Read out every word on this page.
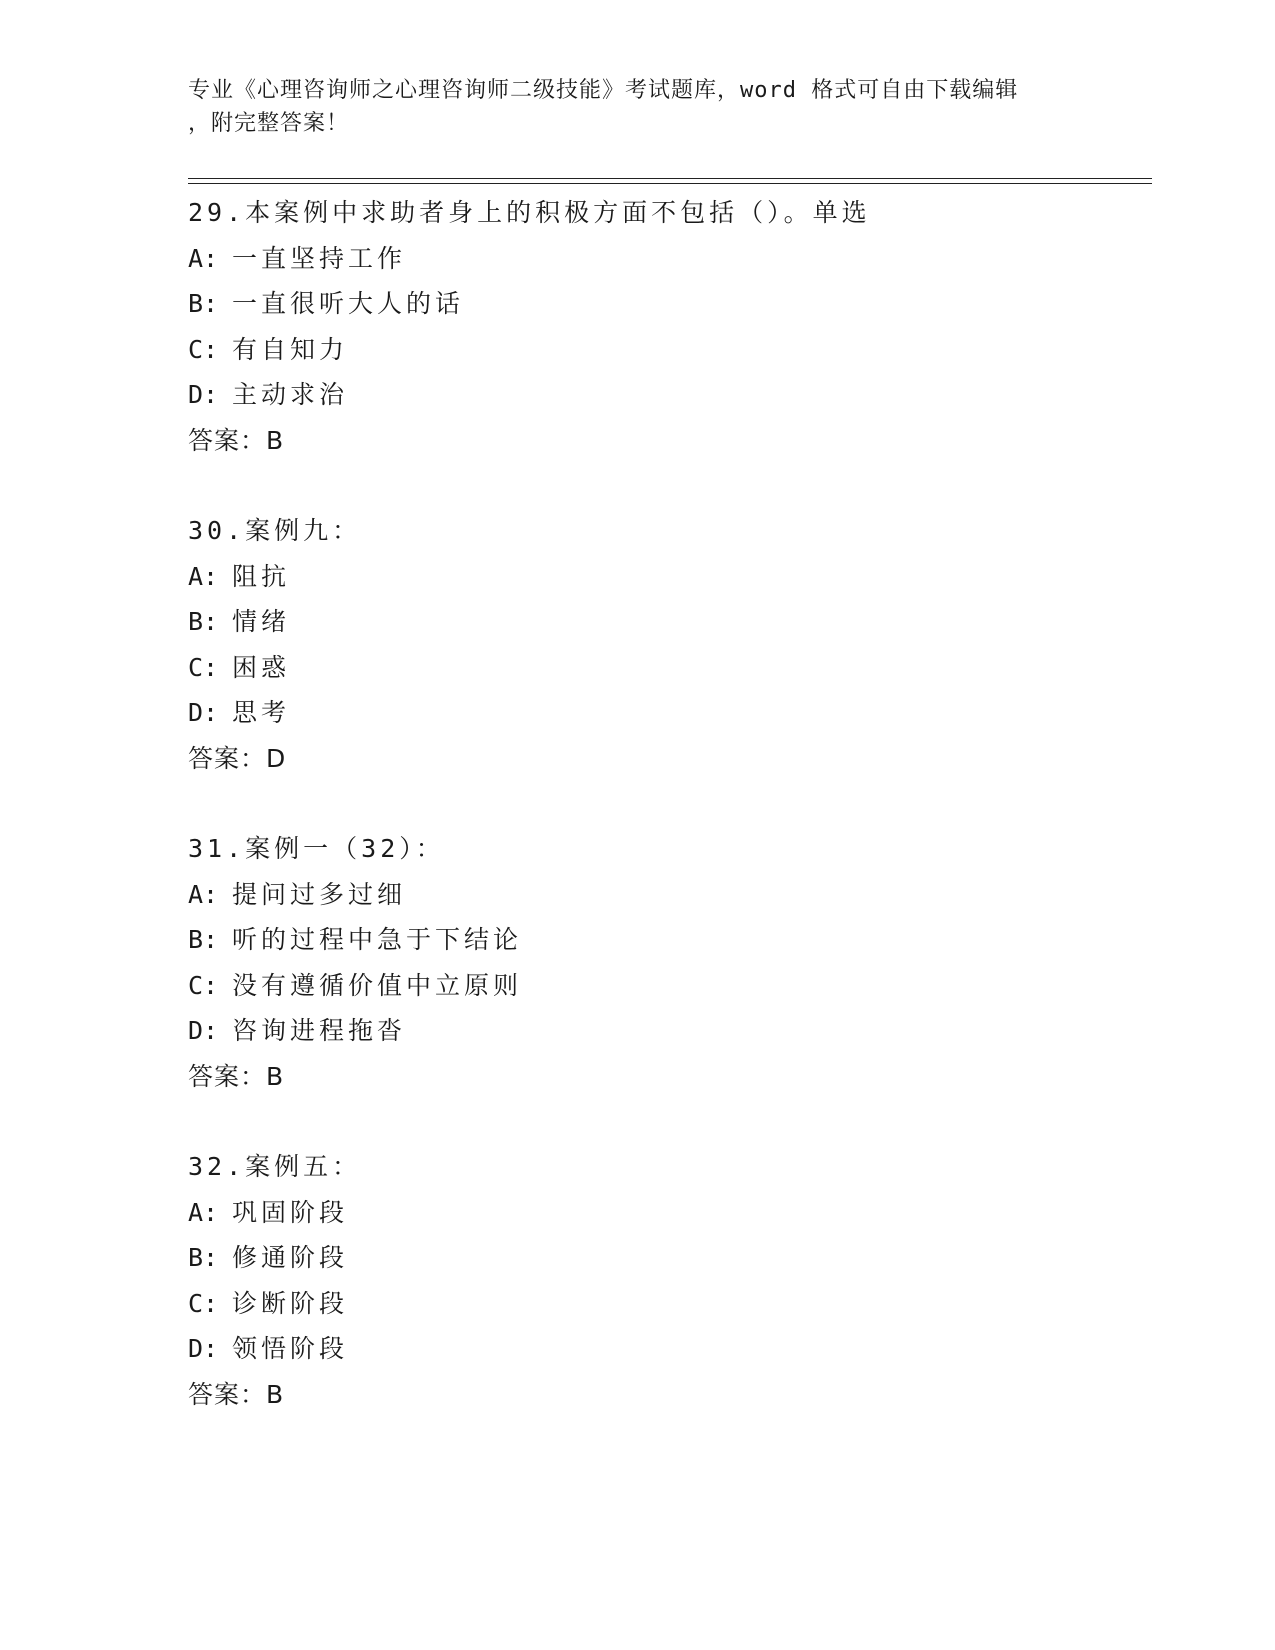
专业《心理咨询师之心理咨询师二级技能》考试题库，word 格式可自由下载编辑
，附完整答案！
29.本案例中求助者身上的积极方面不包括（）。单选
A: 一直坚持工作
B: 一直很听大人的话
C: 有自知力
D: 主动求治
答案：B
30.案例九：
A: 阻抗
B: 情绪
C: 困惑
D: 思考
答案：D
31.案例一（32）：
A: 提问过多过细
B: 听的过程中急于下结论
C: 没有遵循价值中立原则
D: 咨询进程拖沓
答案：B
32.案例五：
A: 巩固阶段
B: 修通阶段
C: 诊断阶段
D: 领悟阶段
答案：B
